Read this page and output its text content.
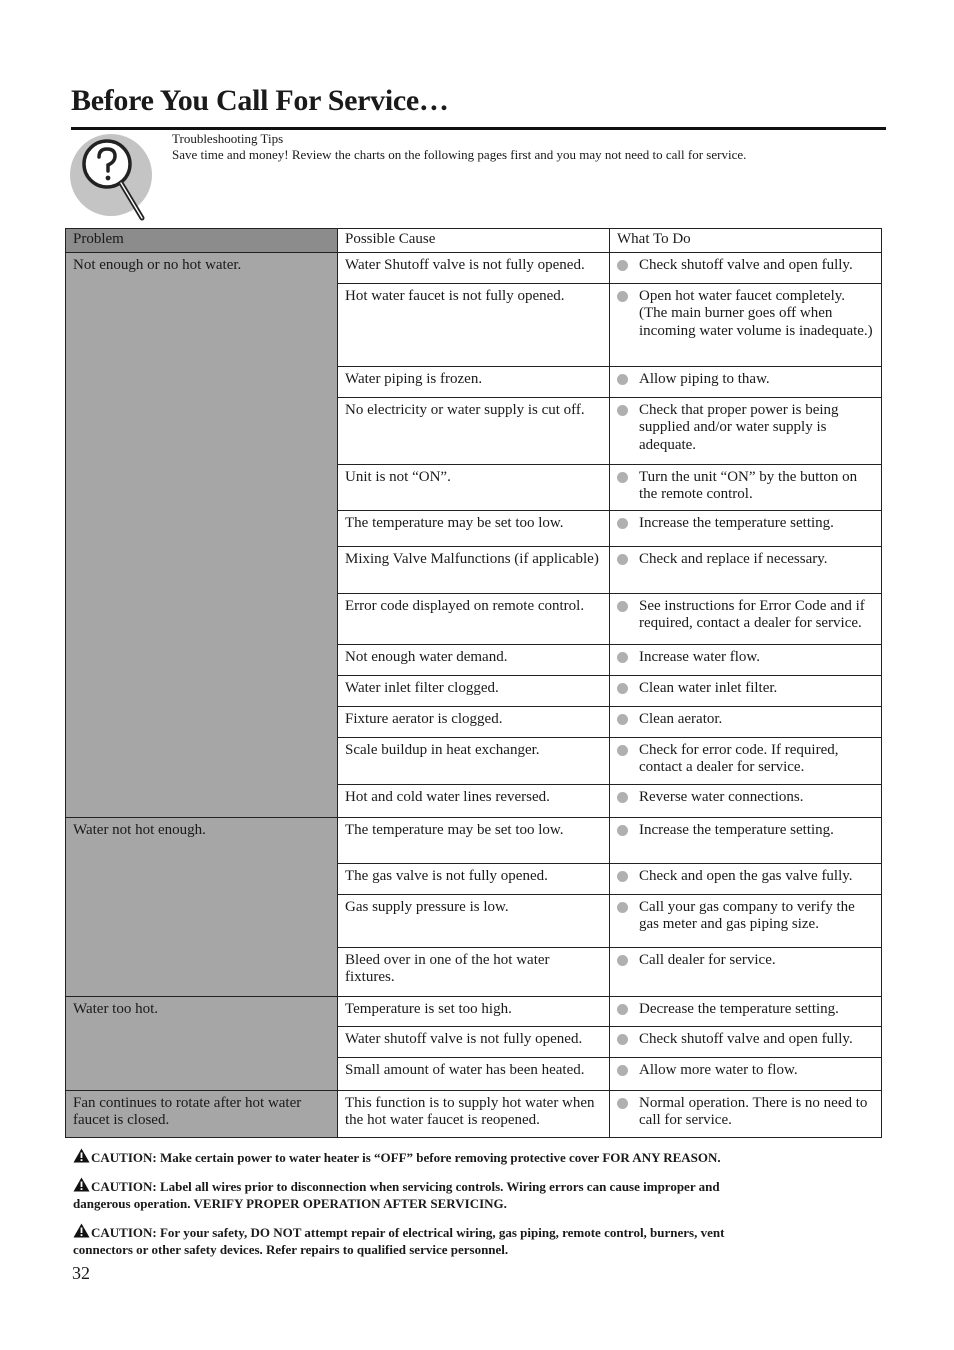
Before You Call For Service…
Troubleshooting Tips
Save time and money! Review the charts on the following pages first and you may not need to call for service.
Problem	Possible Cause	What To Do
Not enough or no hot water.	Water Shutoff valve is not fully opened.	Check shutoff valve and open fully.
	Hot water faucet is not fully opened.	Open hot water faucet completely. (The main burner goes off when incoming water volume is inadequate.)
	Water piping is frozen.	Allow piping to thaw.
	No electricity or water supply is cut off.	Check that proper power is being supplied and/or water supply is adequate.
	Unit is not “ON”.	Turn the unit “ON” by the button on the remote control.
	The temperature may be set too low.	Increase the temperature setting.
	Mixing Valve Malfunctions (if applicable)	Check and replace if necessary.
	Error code displayed on remote control.	See instructions for Error Code and if required, contact a dealer for service.
	Not enough water demand.	Increase water flow.
	Water inlet filter clogged.	Clean water inlet filter.
	Fixture aerator is clogged.	Clean aerator.
	Scale buildup in heat exchanger.	Check for error code. If required, contact a dealer for service.
	Hot and cold water lines reversed.	Reverse water connections.
Water not hot enough.	The temperature may be set too low.	Increase the temperature setting.
	The gas valve is not fully opened.	Check and open the gas valve fully.
	Gas supply pressure is low.	Call your gas company to verify the gas meter and gas piping size.
	Bleed over in one of the hot water fixtures.	Call dealer for service.
Water too hot.	Temperature is set too high.	Decrease the temperature setting.
	Water shutoff valve is not fully opened.	Check shutoff valve and open fully.
	Small amount of water has been heated.	Allow more water to flow.
Fan continues to rotate after hot water faucet is closed.	This function is to supply hot water when the hot water faucet is reopened.	Normal operation. There is no need to call for service.
CAUTION: Make certain power to water heater is “OFF” before removing protective cover FOR ANY REASON.
CAUTION: Label all wires prior to disconnection when servicing controls. Wiring errors can cause improper and dangerous operation. VERIFY PROPER OPERATION AFTER SERVICING.
CAUTION: For your safety, DO NOT attempt repair of electrical wiring, gas piping, remote control, burners, vent connectors or other safety devices. Refer repairs to qualified service personnel.
32
